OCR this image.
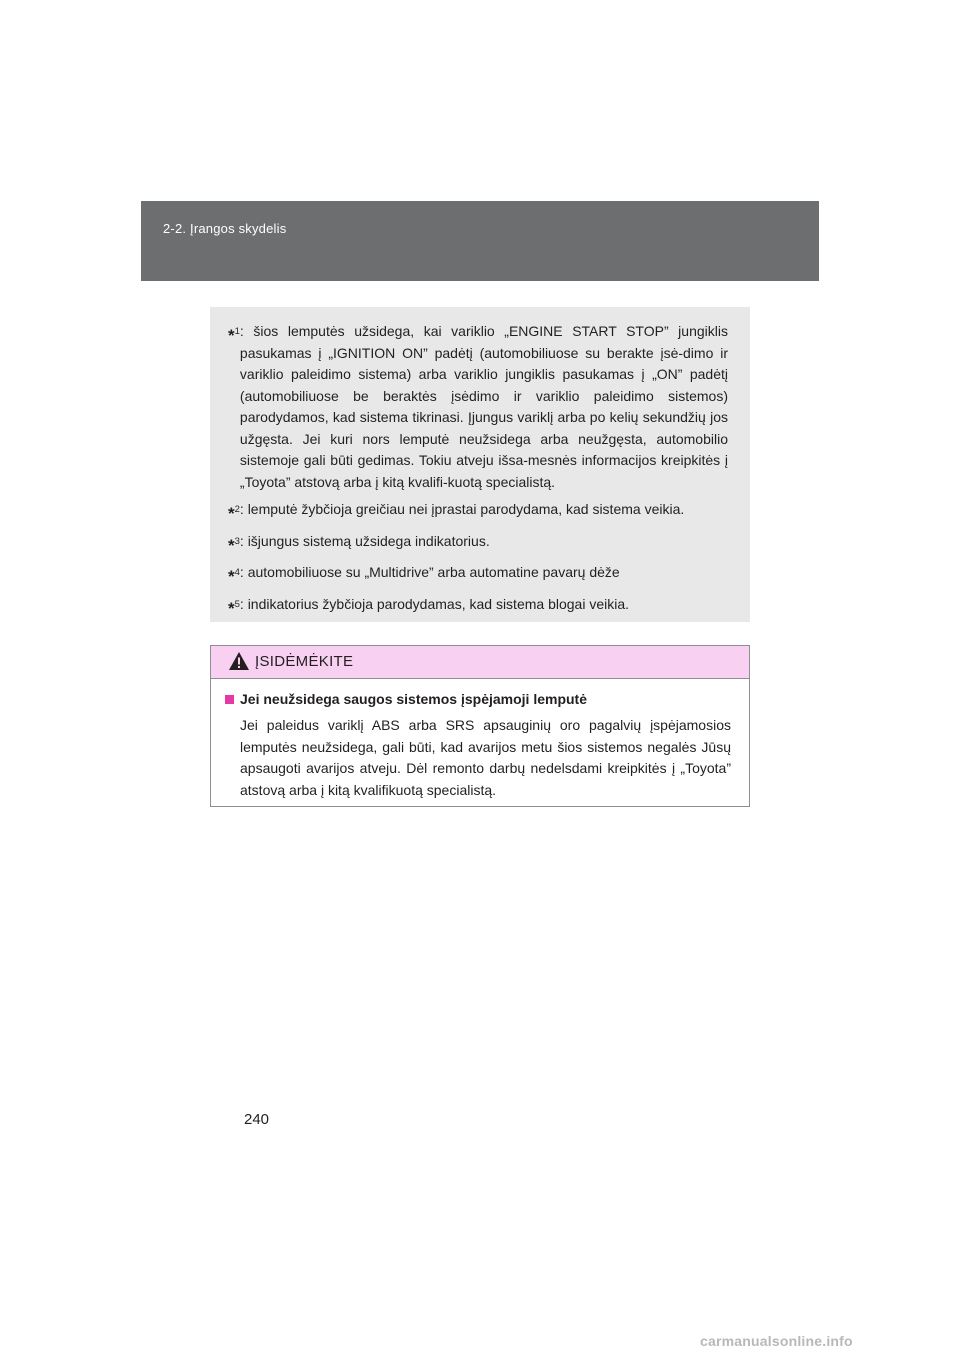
2-2. Įrangos skydelis
*$^1$ : šios lemputės užsidega, kai variklio „ENGINE START STOP” jungiklis pasukamas į „IGNITION ON” padėtį (automobiliuose su berakte įsė-dimo ir variklio paleidimo sistema) arba variklio jungiklis pasukamas į „ON” padėtį (automobiliuose be beraktės įsėdimo ir variklio paleidimo sistemos) parodydamos, kad sistema tikrinasi. Įjungus variklį arba po kelių sekundžių jos užgęsta. Jei kuri nors lemputė neužsidega arba neužgęsta, automobilio sistemoje gali būti gedimas. Tokiu atveju išsa-mesnės informacijos kreipkitės į „Toyota” atstovą arba į kitą kvalifi-kuotą specialistą.
*$^2$ : lemputė žybčioja greičiau nei įprastai parodydama, kad sistema veikia.
*$^3$ : išjungus sistemą užsidega indikatorius.
*$^4$ : automobiliuose su „Multidrive” arba automatine pavarų dėže
*$^5$ : indikatorius žybčioja parodydamas, kad sistema blogai veikia.
ĮSIDĖMĖKITE
Jei neužsidega saugos sistemos įspėjamoji lemputė
Jei paleidus variklį ABS arba SRS apsauginių oro pagalvių įspėjamosios lemputės neužsidega, gali būti, kad avarijos metu šios sistemos negalės Jūsų apsaugoti avarijos atveju. Dėl remonto darbų nedelsdami kreipkitės į „Toyota” atstovą arba į kitą kvalifikuotą specialistą.
240
carmanualsonline.info
